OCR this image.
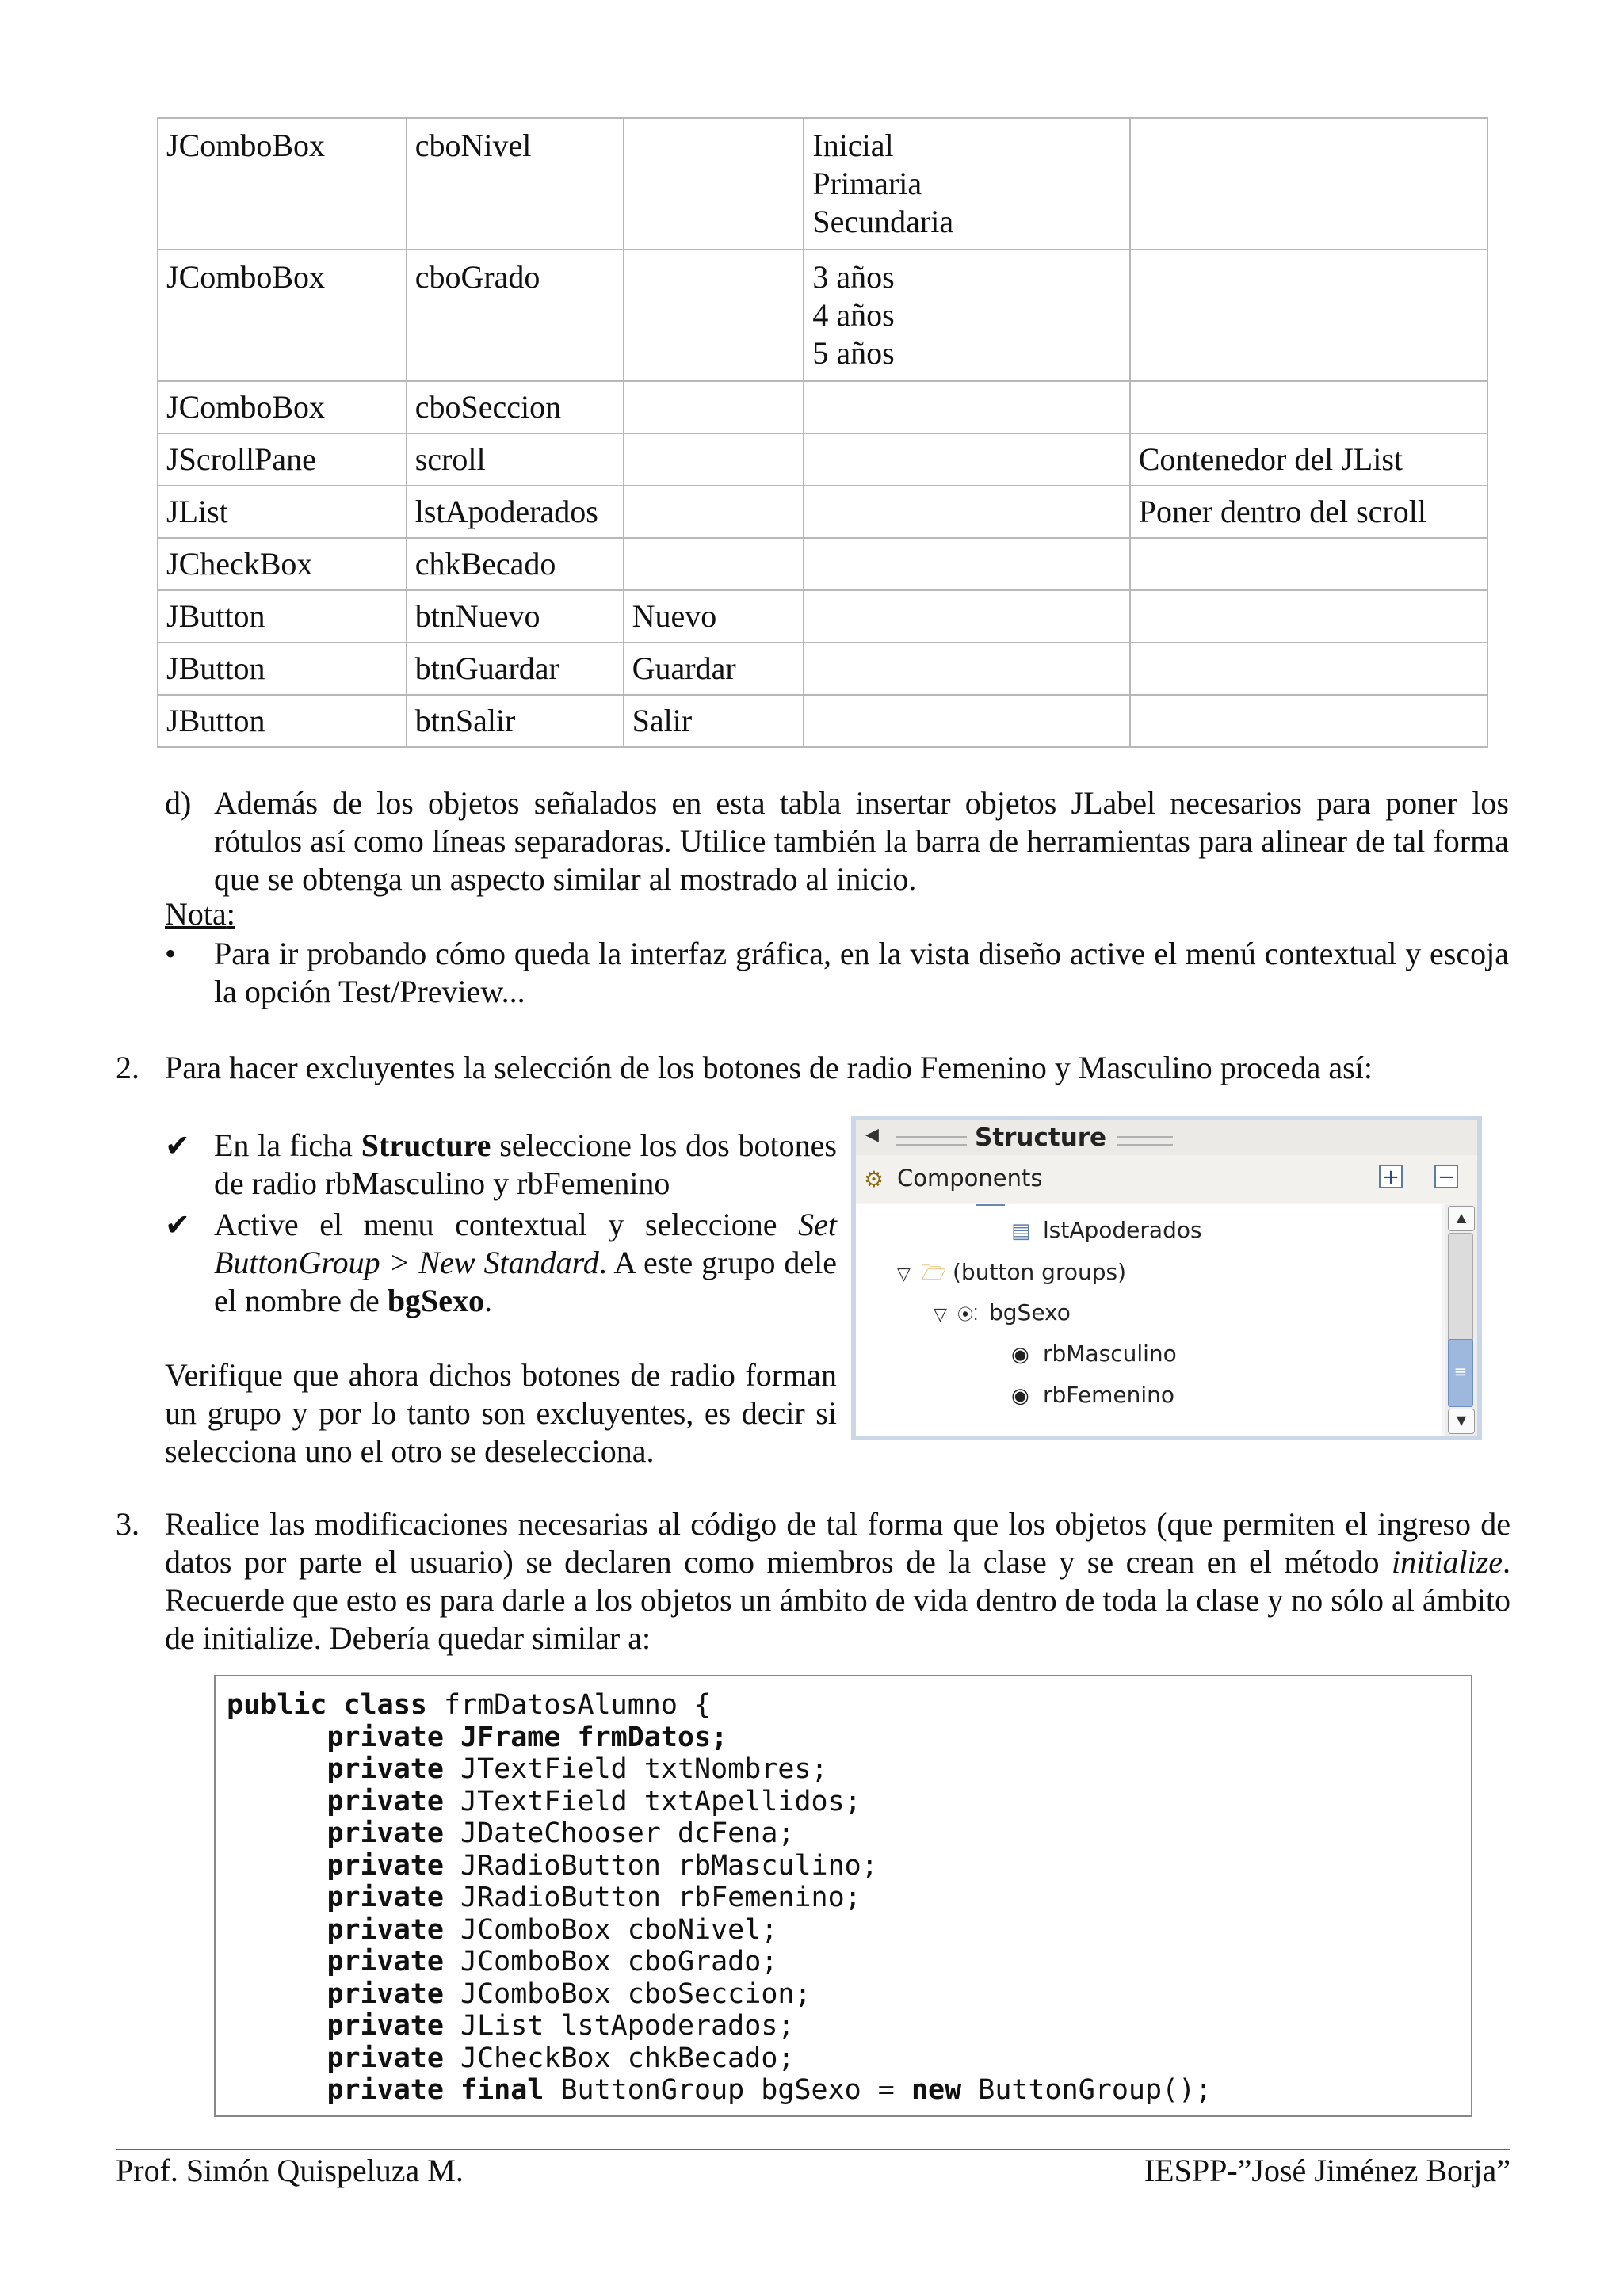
JComboBox	cboNivel		Inicial
Primaria
Secundaria	

JComboBox	cboGrado		3 años
4 años
5 años	

JComboBox	cboSeccion			
JScrollPane	scroll			Contenedor del JList
JList	lstApoderados			Poner dentro del scroll
JCheckBox	chkBecado			
JButton	btnNuevo	Nuevo		
JButton	btnGuardar	Guardar		
JButton	btnSalir	Salir		
d) Además de los objetos señalados en esta tabla insertar objetos JLabel necesarios para poner los rótulos así como líneas separadoras. Utilice también la barra de herramientas para alinear de tal forma que se obtenga un aspecto similar al mostrado al inicio.
Nota:
• Para ir probando cómo queda la interfaz gráfica, en la vista diseño active el menú contextual y escoja la opción Test/Preview...
2. Para hacer excluyentes la selección de los botones de radio Femenino y Masculino proceda así:
✔ En la ficha Structure seleccione los dos botones de radio rbMasculino y rbFemenino
✔ Active el menu contextual y seleccione Set ButtonGroup > New Standard. A este grupo dele el nombre de bgSexo.
Verifique que ahora dichos botones de radio forman un grupo y por lo tanto son excluyentes, es decir si selecciona uno el otro se deselecciona.
◀	Structure
⚙ Components	+ −
▤ lstApoderados
▽ 🗁 (button groups)
▽ ⦿⁚ bgSexo
◉ rbMasculino
◉ rbFemenino
▲
≡
▼
3. Realice las modificaciones necesarias al código de tal forma que los objetos (que permiten el ingreso de datos por parte el usuario) se declaren como miembros de la clase y se crean en el método initialize. Recuerde que esto es para darle a los objetos un ámbito de vida dentro de toda la clase y no sólo al ámbito de initialize. Debería quedar similar a:
public class frmDatosAlumno {
private JFrame frmDatos;
private JTextField txtNombres;
private JTextField txtApellidos;
private JDateChooser dcFena;
private JRadioButton rbMasculino;
private JRadioButton rbFemenino;
private JComboBox cboNivel;
private JComboBox cboGrado;
private JComboBox cboSeccion;
private JList lstApoderados;
private JCheckBox chkBecado;
private final ButtonGroup bgSexo = new ButtonGroup();
Prof. Simón Quispeluza M.	IESPP-”José Jiménez Borja”
